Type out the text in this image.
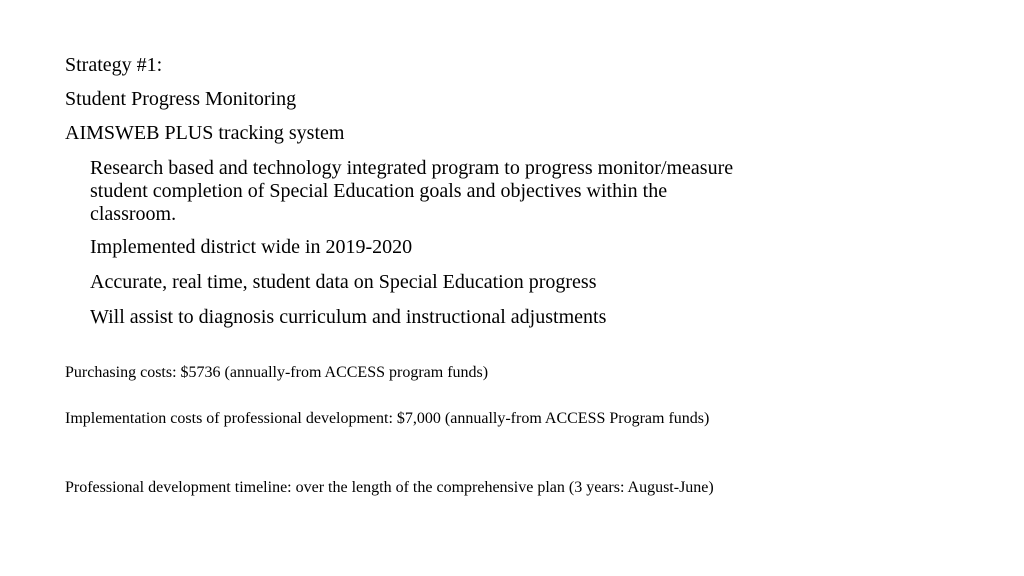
Strategy #1:
Student Progress Monitoring
AIMSWEB PLUS tracking system
Research based and technology integrated program to progress monitor/measure student completion of Special Education goals and objectives within the classroom.
Implemented district wide in 2019-2020
Accurate, real time, student data on Special Education progress
Will assist to diagnosis curriculum and instructional adjustments
Purchasing costs: $5736 (annually-from ACCESS program funds)
Implementation costs of professional development: $7,000 (annually-from ACCESS Program funds)
Professional development timeline: over the length of the comprehensive plan (3 years: August-June)
